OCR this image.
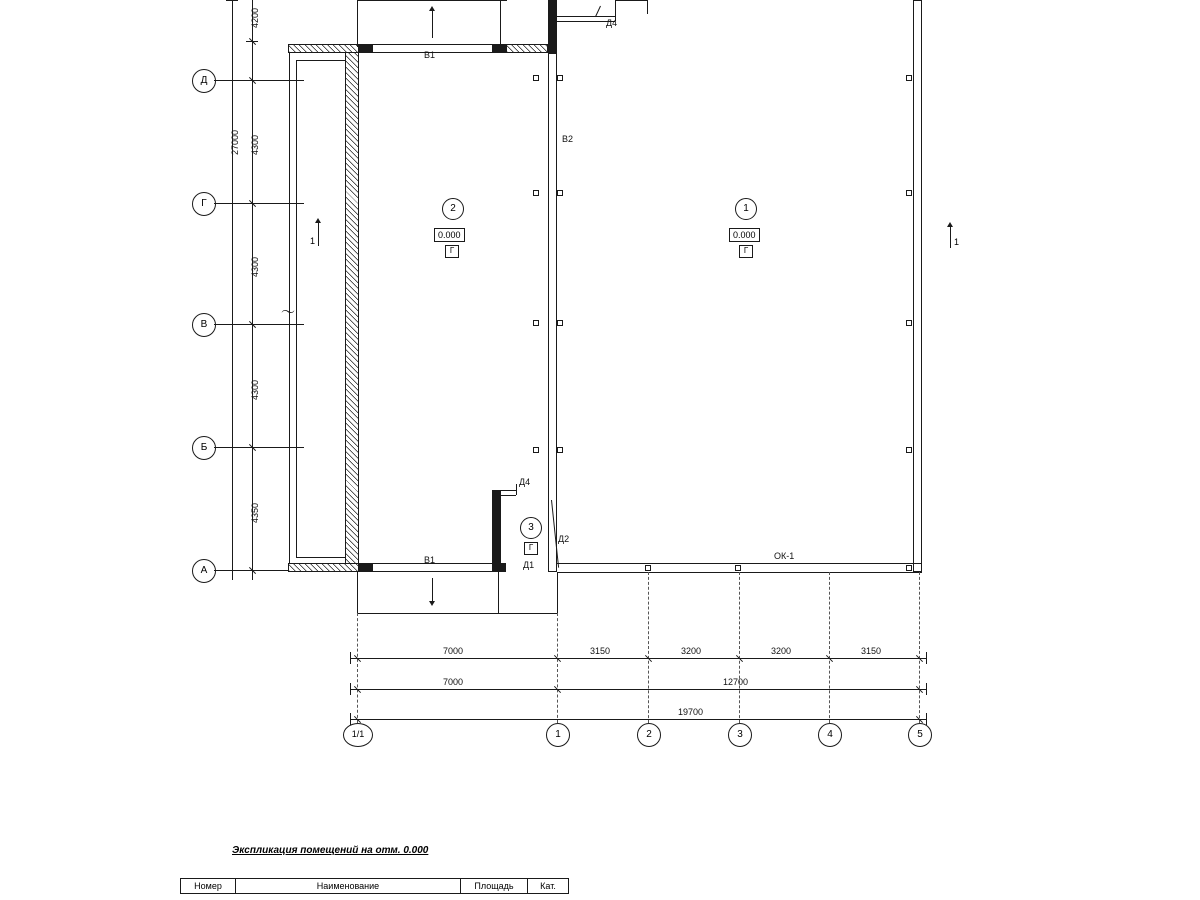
Д
Г
В
Б
А
4200
4300
4300
4300
4350
27000
〜
В1
Д4
В2
ОК-1
В1
Д4
Д2
Д1
1
0.000
Г
2
0.000
Г
3
Г
1	1
7000	3150	3200	3200	3150
7000	12700
19700
1/1	1	2	3	4	5
Экспликация помещений на отм. 0.000
Номер	Наименование	Площадь	Кат.
